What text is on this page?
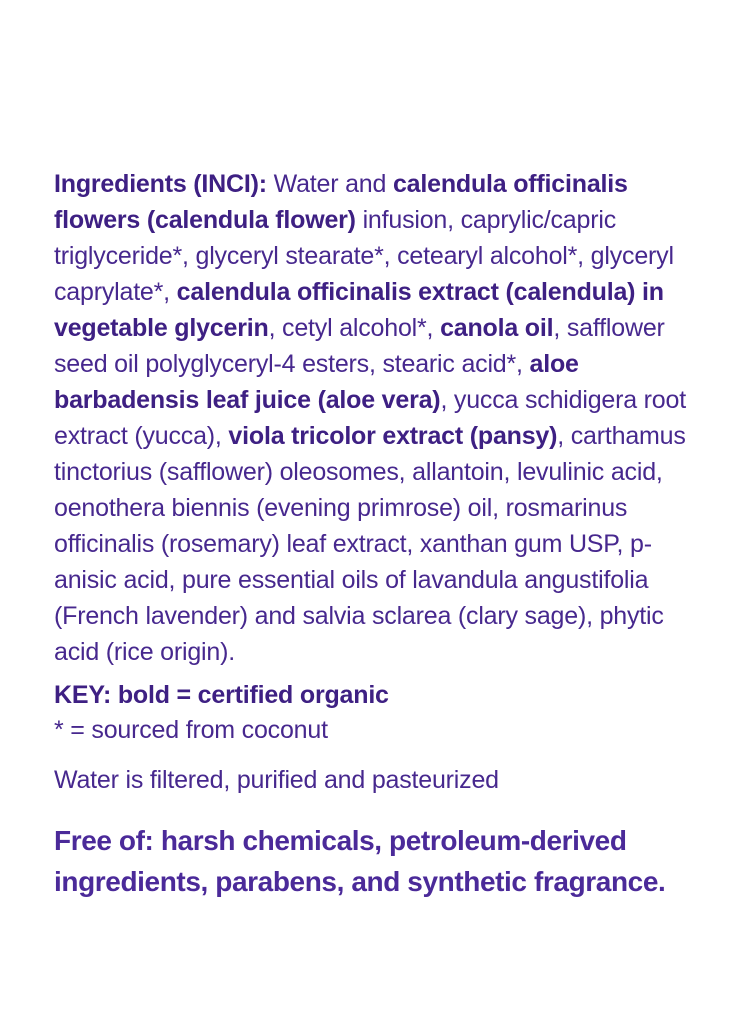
Ingredients (INCI): Water and calendula officinalis flowers (calendula flower) infusion, caprylic/capric triglyceride*, glyceryl stearate*, cetearyl alcohol*, glyceryl caprylate*, calendula officinalis extract (calendula) in vegetable glycerin, cetyl alcohol*, canola oil, safflower seed oil polyglyceryl-4 esters, stearic acid*, aloe barbadensis leaf juice (aloe vera), yucca schidigera root extract (yucca), viola tricolor extract (pansy), carthamus tinctorius (safflower) oleosomes, allantoin, levulinic acid, oenothera biennis (evening primrose) oil, rosmarinus officinalis (rosemary) leaf extract, xanthan gum USP, p-anisic acid, pure essential oils of lavandula angustifolia (French lavender) and salvia sclarea (clary sage), phytic acid (rice origin).

KEY: bold = certified organic
* = sourced from coconut
Water is filtered, purified and pasteurized
Free of: harsh chemicals, petroleum-derived ingredients, parabens, and synthetic fragrance.
